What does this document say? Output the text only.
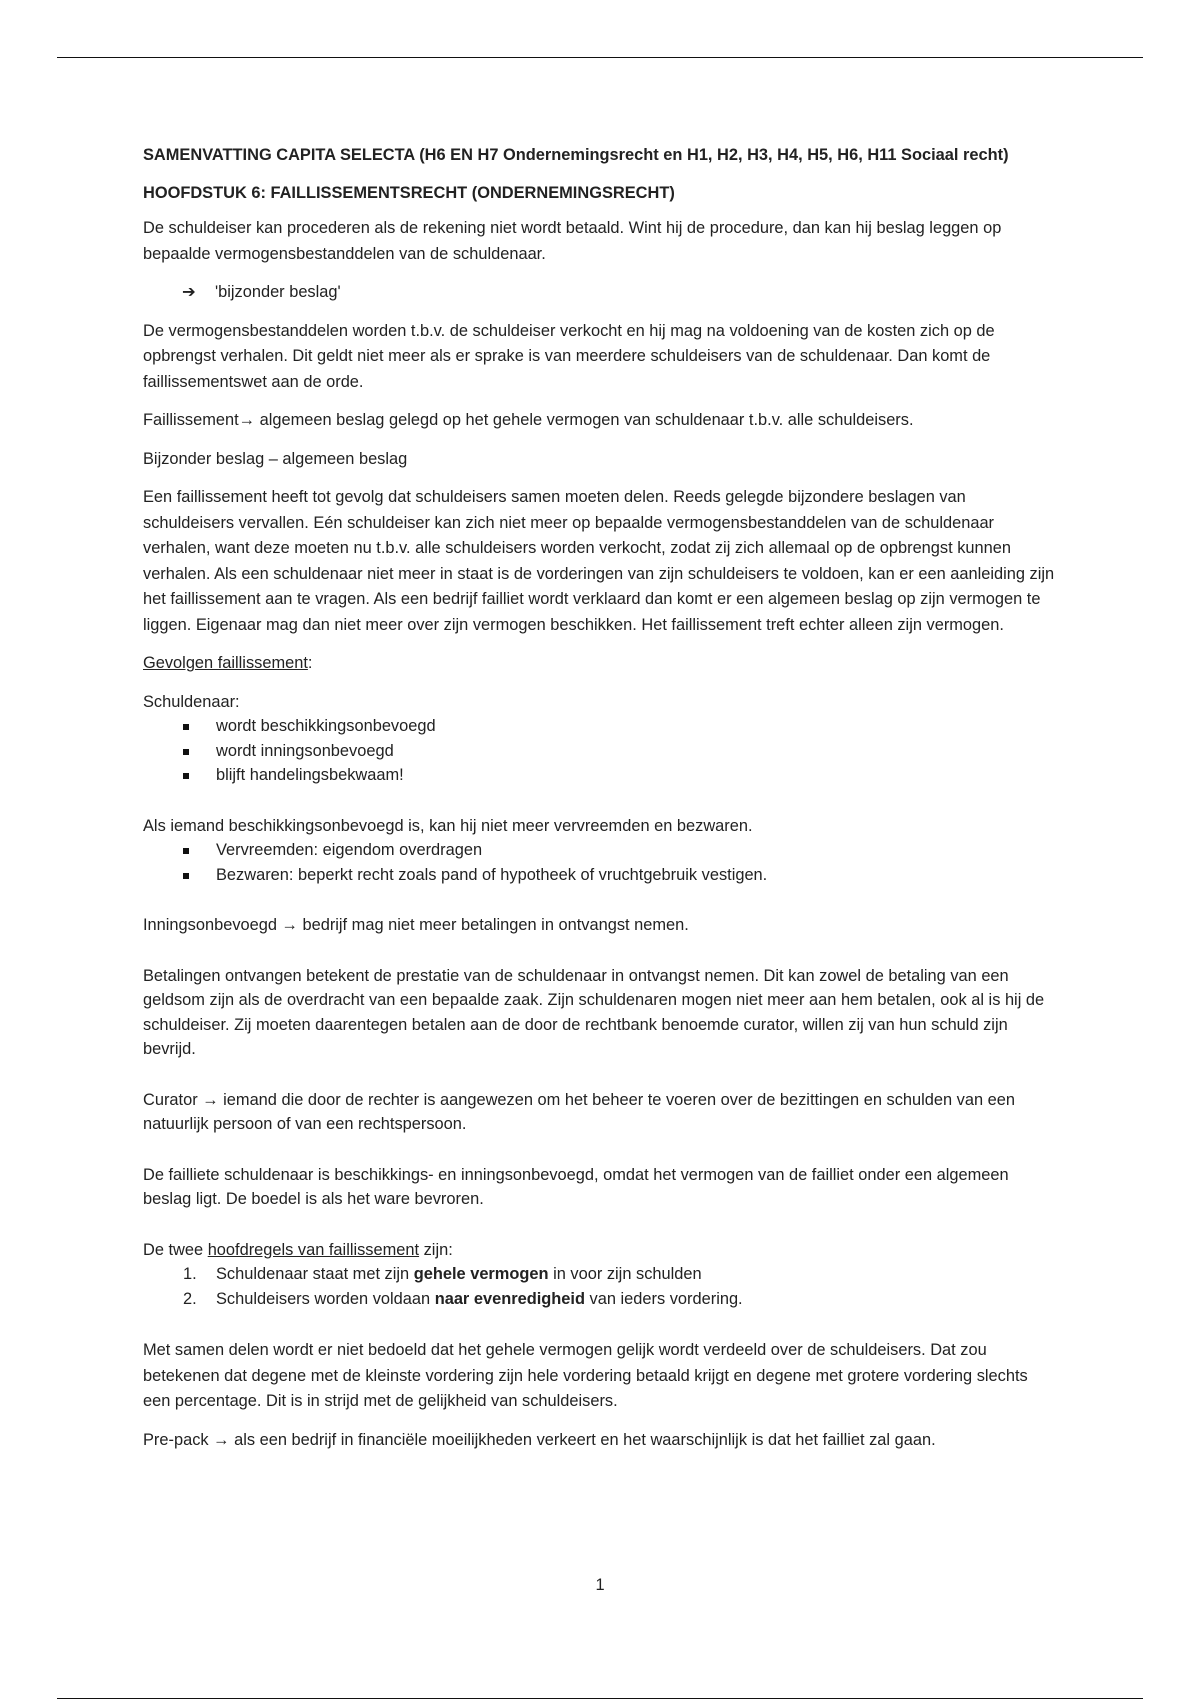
SAMENVATTING CAPITA SELECTA (H6 EN H7 Ondernemingsrecht en H1, H2, H3, H4, H5, H6, H11 Sociaal recht)

HOOFDSTUK 6: FAILLISSEMENTSRECHT (ONDERNEMINGSRECHT)

De schuldeiser kan procederen als de rekening niet wordt betaald. Wint hij de procedure, dan kan hij beslag leggen op bepaalde vermogensbestanddelen van de schuldenaar.

➔ 'bijzonder beslag'

De vermogensbestanddelen worden t.b.v. de schuldeiser verkocht en hij mag na voldoening van de kosten zich op de opbrengst verhalen. Dit geldt niet meer als er sprake is van meerdere schuldeisers van de schuldenaar. Dan komt de faillissementswet aan de orde.

Faillissement→ algemeen beslag gelegd op het gehele vermogen van schuldenaar t.b.v. alle schuldeisers.

Bijzonder beslag – algemeen beslag

Een faillissement heeft tot gevolg dat schuldeisers samen moeten delen. Reeds gelegde bijzondere beslagen van schuldeisers vervallen. Eén schuldeiser kan zich niet meer op bepaalde vermogensbestanddelen van de schuldenaar verhalen, want deze moeten nu t.b.v. alle schuldeisers worden verkocht, zodat zij zich allemaal op de opbrengst kunnen verhalen. Als een schuldenaar niet meer in staat is de vorderingen van zijn schuldeisers te voldoen, kan er een aanleiding zijn het faillissement aan te vragen. Als een bedrijf failliet wordt verklaard dan komt er een algemeen beslag op zijn vermogen te liggen. Eigenaar mag dan niet meer over zijn vermogen beschikken. Het faillissement treft echter alleen zijn vermogen.

Gevolgen faillissement:

Schuldenaar:

wordt beschikkingsonbevoegd
wordt inningsonbevoegd
blijft handelingsbekwaam!

Als iemand beschikkingsonbevoegd is, kan hij niet meer vervreemden en bezwaren.

Vervreemden: eigendom overdragen
Bezwaren: beperkt recht zoals pand of hypotheek of vruchtgebruik vestigen.

Inningsonbevoegd → bedrijf mag niet meer betalingen in ontvangst nemen.

Betalingen ontvangen betekent de prestatie van de schuldenaar in ontvangst nemen. Dit kan zowel de betaling van een geldsom zijn als de overdracht van een bepaalde zaak. Zijn schuldenaren mogen niet meer aan hem betalen, ook al is hij de schuldeiser. Zij moeten daarentegen betalen aan de door de rechtbank benoemde curator, willen zij van hun schuld zijn bevrijd.

Curator → iemand die door de rechter is aangewezen om het beheer te voeren over de bezittingen en schulden van een natuurlijk persoon of van een rechtspersoon.

De failliete schuldenaar is beschikkings- en inningsonbevoegd, omdat het vermogen van de failliet onder een algemeen beslag ligt. De boedel is als het ware bevroren.

De twee hoofdregels van faillissement zijn:

1. Schuldenaar staat met zijn gehele vermogen in voor zijn schulden
2. Schuldeisers worden voldaan naar evenredigheid van ieders vordering.

Met samen delen wordt er niet bedoeld dat het gehele vermogen gelijk wordt verdeeld over de schuldeisers. Dat zou betekenen dat degene met de kleinste vordering zijn hele vordering betaald krijgt en degene met grotere vordering slechts een percentage. Dit is in strijd met de gelijkheid van schuldeisers.

Pre-pack → als een bedrijf in financiële moeilijkheden verkeert en het waarschijnlijk is dat het failliet zal gaan.

1
